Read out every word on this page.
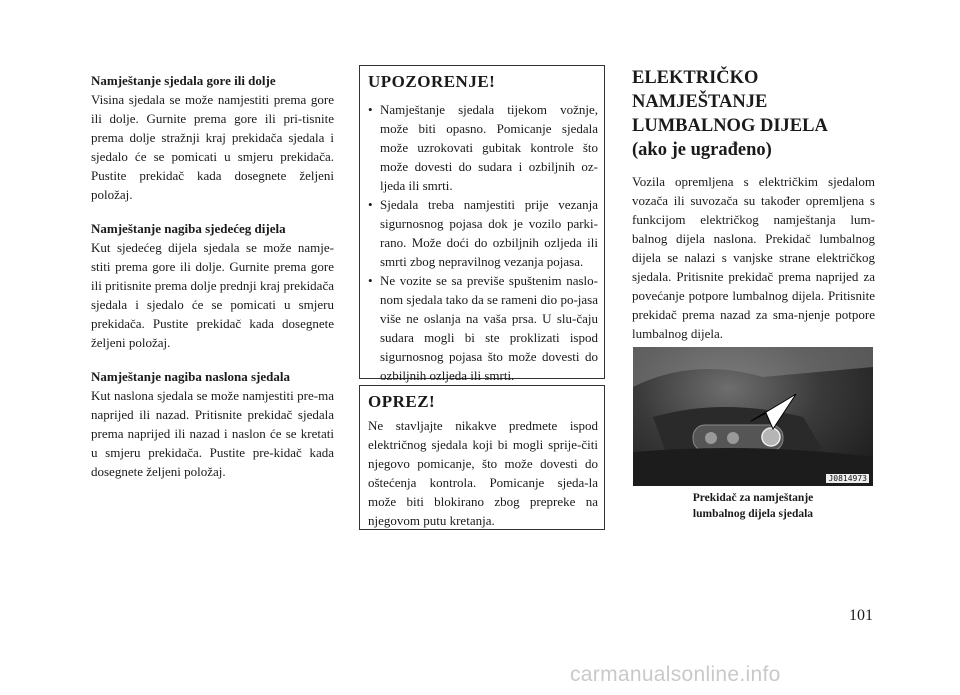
Namještanje sjedala gore ili dolje

Visina sjedala se može namjestiti prema gore ili dolje. Gurnite prema gore ili pri-tisnite prema dolje stražnji kraj prekidača sjedala i sjedalo će se pomicati u smjeru prekidača. Pustite prekidač kada dosegnete željeni položaj.

Namještanje nagiba sjedećeg dijela

Kut sjedećeg dijela sjedala se može namje-stiti prema gore ili dolje. Gurnite prema gore ili pritisnite prema dolje prednji kraj prekidača sjedala i sjedalo će se pomicati u smjeru prekidača. Pustite prekidač kada dosegnete željeni položaj.

Namještanje nagiba naslona sjedala

Kut naslona sjedala se može namjestiti pre-ma naprijed ili nazad. Pritisnite prekidač sjedala prema naprijed ili nazad i naslon će se kretati u smjeru prekidača. Pustite pre-kidač kada dosegnete željeni položaj.

UPOZORENJE!

• Namještanje sjedala tijekom vožnje, može biti opasno. Pomicanje sjedala može uzrokovati gubitak kontrole što može dovesti do sudara i ozbiljnih oz-ljeda ili smrti.
• Sjedala treba namjestiti prije vezanja sigurnosnog pojasa dok je vozilo parki-rano. Može doći do ozbiljnih ozljeda ili smrti zbog nepravilnog vezanja pojasa.
• Ne vozite se sa previše spuštenim naslo-nom sjedala tako da se rameni dio po-jasa više ne oslanja na vaša prsa. U slu-čaju sudara mogli bi ste proklizati ispod sigurnosnog pojasa što može dovesti do ozbiljnih ozljeda ili smrti.

OPREZ!

Ne stavljajte nikakve predmete ispod električnog sjedala koji bi mogli sprije-čiti njegovo pomicanje, što može dovesti do oštećenja kontrola. Pomicanje sjeda-la može biti blokirano zbog prepreke na njegovom putu kretanja.

ELEKTRIČKO
NAMJEŠTANJE
LUMBALNOG DIJELA
(ako je ugrađeno)

Vozila opremljena s električkim sjedalom vozača ili suvozača su također opremljena s funkcijom električkog namještanja lum-balnog dijela naslona. Prekidač lumbalnog dijela se nalazi s vanjske strane električkog sjedala. Pritisnite prekidač prema naprijed za povećanje potpore lumbalnog dijela. Pritisnite prekidač prema nazad za sma-njenje potpore lumbalnog dijela.

J0814973
Prekidač za namještanje
lumbalnog dijela sjedala
101
carmanualsonline.info
